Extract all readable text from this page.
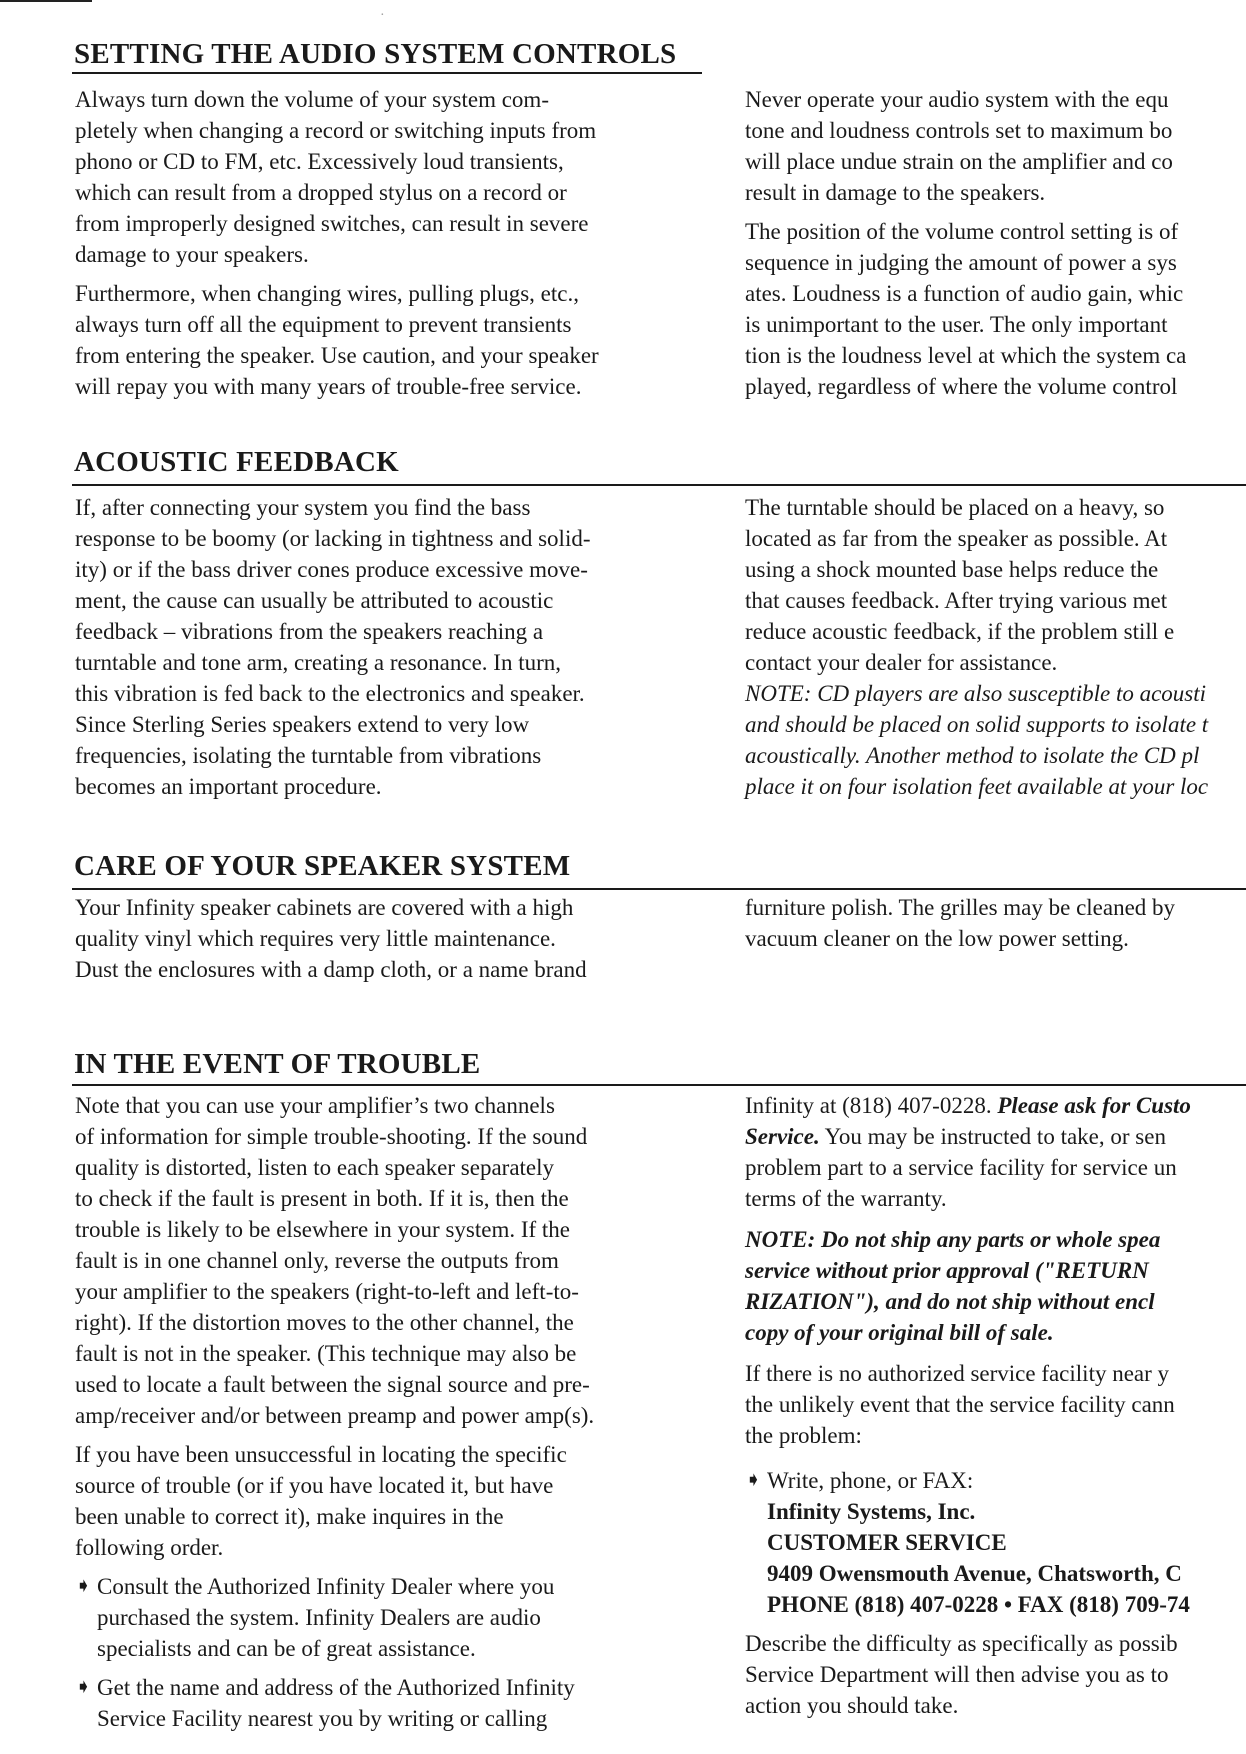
·
SETTING THE AUDIO SYSTEM CONTROLS

Always turn down the volume of your system com-
pletely when changing a record or switching inputs from
phono or CD to FM, etc. Excessively loud transients,
which can result from a dropped stylus on a record or
from improperly designed switches, can result in severe
damage to your speakers.

Furthermore, when changing wires, pulling plugs, etc.,
always turn off all the equipment to prevent transients
from entering the speaker. Use caution, and your speaker
will repay you with many years of trouble-free service.

Never operate your audio system with the equ
tone and loudness controls set to maximum bo
will place undue strain on the amplifier and co
result in damage to the speakers.

The position of the volume control setting is of
sequence in judging the amount of power a sys
ates. Loudness is a function of audio gain, whic
is unimportant to the user. The only important
tion is the loudness level at which the system ca
played, regardless of where the volume control

ACOUSTIC FEEDBACK

If, after connecting your system you find the bass
response to be boomy (or lacking in tightness and solid-
ity) or if the bass driver cones produce excessive move-
ment, the cause can usually be attributed to acoustic
feedback – vibrations from the speakers reaching a
turntable and tone arm, creating a resonance. In turn,
this vibration is fed back to the electronics and speaker.
Since Sterling Series speakers extend to very low
frequencies, isolating the turntable from vibrations
becomes an important procedure.

The turntable should be placed on a heavy, so
located as far from the speaker as possible. At
using a shock mounted base helps reduce the
that causes feedback. After trying various met
reduce acoustic feedback, if the problem still e
contact your dealer for assistance.

NOTE: CD players are also susceptible to acousti
and should be placed on solid supports to isolate t
acoustically. Another method to isolate the CD pl
place it on four isolation feet available at your loc

CARE OF YOUR SPEAKER SYSTEM

Your Infinity speaker cabinets are covered with a high
quality vinyl which requires very little maintenance.
Dust the enclosures with a damp cloth, or a name brand

furniture polish. The grilles may be cleaned by
vacuum cleaner on the low power setting.

IN THE EVENT OF TROUBLE

Note that you can use your amplifier’s two channels
of information for simple trouble-shooting. If the sound
quality is distorted, listen to each speaker separately
to check if the fault is present in both. If it is, then the
trouble is likely to be elsewhere in your system. If the
fault is in one channel only, reverse the outputs from
your amplifier to the speakers (right-to-left and left-to-
right). If the distortion moves to the other channel, the
fault is not in the speaker. (This technique may also be
used to locate a fault between the signal source and pre-
amp/receiver and/or between preamp and power amp(s).

If you have been unsuccessful in locating the specific
source of trouble (or if you have located it, but have
been unable to correct it), make inquires in the
following order.

➧ Consult the Authorized Infinity Dealer where you
purchased the system. Infinity Dealers are audio
specialists and can be of great assistance.

➧ Get the name and address of the Authorized Infinity
Service Facility nearest you by writing or calling

Infinity at (818) 407-0228. Please ask for Custo
Service. You may be instructed to take, or sen
problem part to a service facility for service un
terms of the warranty.

NOTE: Do not ship any parts or whole spea
service without prior approval ("RETURN
RIZATION"), and do not ship without encl
copy of your original bill of sale.

If there is no authorized service facility near y
the unlikely event that the service facility cann
the problem:

➧ Write, phone, or FAX:
Infinity Systems, Inc.
CUSTOMER SERVICE
9409 Owensmouth Avenue, Chatsworth, C
PHONE (818) 407-0228 • FAX (818) 709-74

Describe the difficulty as specifically as possib
Service Department will then advise you as to
action you should take.
